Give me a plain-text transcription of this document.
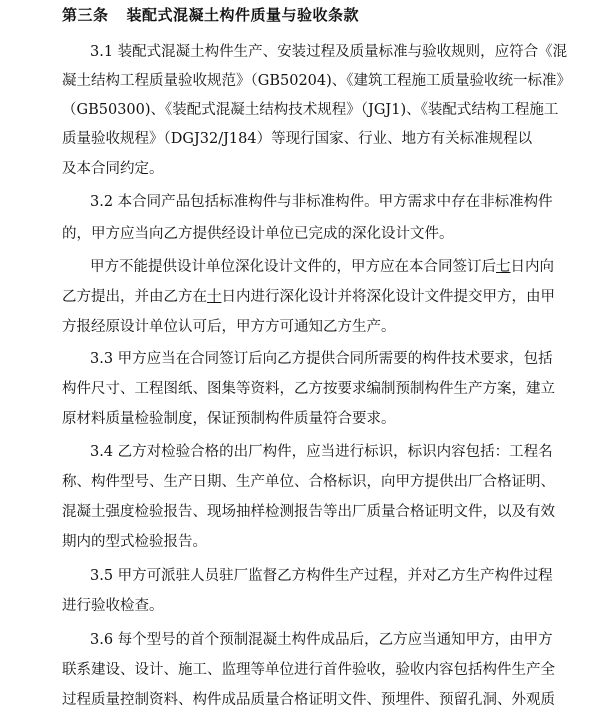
第三条 装配式混凝土构件质量与验收条款
3.1 装配式混凝土构件生产、安装过程及质量标准与验收规则，应符合《混
凝土结构工程质量验收规范》（GB50204)、《建筑工程施工质量验收统一标准》
（GB50300)、《装配式混凝土结构技术规程》（JGJ1)、《装配式结构工程施工
质量验收规程》（DGJ32/J184）等现行国家、行业、地方有关标准规程以
及本合同约定。
3.2 本合同产品包括标准构件与非标准构件。甲方需求中存在非标准构件
的，甲方应当向乙方提供经设计单位已完成的深化设计文件。
甲方不能提供设计单位深化设计文件的，甲方应在本合同签订后七日内向
乙方提出，并由乙方在十日内进行深化设计并将深化设计文件提交甲方，由甲
方报经原设计单位认可后，甲方方可通知乙方生产。
3.3 甲方应当在合同签订后向乙方提供合同所需要的构件技术要求，包括
构件尺寸、工程图纸、图集等资料，乙方按要求编制预制构件生产方案，建立
原材料质量检验制度，保证预制构件质量符合要求。
3.4 乙方对检验合格的出厂构件，应当进行标识，标识内容包括：工程名
称、构件型号、生产日期、生产单位、合格标识，向甲方提供出厂合格证明、
混凝土强度检验报告、现场抽样检测报告等出厂质量合格证明文件，以及有效
期内的型式检验报告。
3.5 甲方可派驻人员驻厂监督乙方构件生产过程，并对乙方生产构件过程
进行验收检查。
3.6 每个型号的首个预制混凝土构件成品后，乙方应当通知甲方，由甲方
联系建设、设计、施工、监理等单位进行首件验收，验收内容包括构件生产全
过程质量控制资料、构件成品质量合格证明文件、预埋件、预留孔洞、外观质
